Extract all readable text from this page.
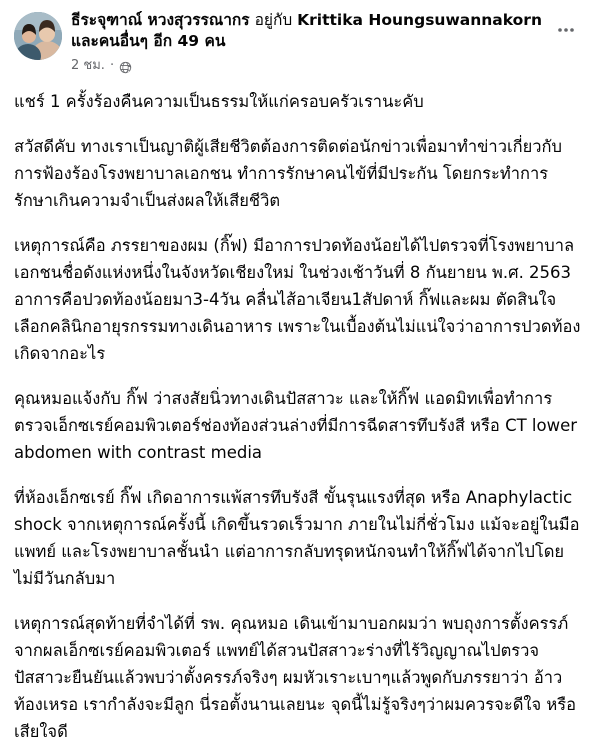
ธีระจุฑาณ์ หวงสุวรรณากร อยู่กับ Krittika Houngsuwannakorn และคนอื่นๆ อีก 49 คน
2 ชม. ·

แชร์ 1 ครั้งร้องคืนความเป็นธรรมให้แก่ครอบครัวเรานะคับ

สวัสดีคับ ทางเราเป็นญาติผู้เสียชีวิตต้องการติดต่อนักข่าวเพื่อมาทำข่าวเกี่ยวกับการฟ้องร้องโรงพยาบาลเอกชน ทำการรักษาคนไข้ที่มีประกัน โดยกระทำการรักษาเกินความจำเป็นส่งผลให้เสียชีวิต

เหตุการณ์คือ ภรรยาของผม (กิ๊ฟ) มีอาการปวดท้องน้อยได้ไปตรวจที่โรงพยาบาลเอกชนชื่อดังแห่งหนึ่งในจังหวัดเชียงใหม่ ในช่วงเช้าวันที่ 8 กันยายน พ.ศ. 2563 อาการคือปวดท้องน้อยมา3-4วัน คลื่นไส้อาเจียน1สัปดาห์ กิ๊ฟและผม ตัดสินใจเลือกคลินิกอายุรกรรมทางเดินอาหาร เพราะในเบื้องต้นไม่แน่ใจว่าอาการปวดท้องเกิดจากอะไร

คุณหมอแจ้งกับ กิ๊ฟ ว่าสงสัยนิ่วทางเดินปัสสาวะ และให้กิ๊ฟ แอดมิทเพื่อทำการตรวจเอ็กซเรย์คอมพิวเตอร์ช่องท้องส่วนล่างที่มีการฉีดสารทึบรังสี หรือ CT lower abdomen with contrast media

ที่ห้องเอ็กซเรย์ กิ๊ฟ เกิดอาการแพ้สารทึบรังสี ขั้นรุนแรงที่สุด หรือ Anaphylactic shock จากเหตุการณ์ครั้งนี้ เกิดขึ้นรวดเร็วมาก ภายในไม่กี่ชั่วโมง แม้จะอยู่ในมือแพทย์ และโรงพยาบาลชั้นนำ แต่อาการกลับทรุดหนักจนทำให้กิ๊ฟได้จากไปโดยไม่มีวันกลับมา

เหตุการณ์สุดท้ายที่จำได้ที่ รพ. คุณหมอ เดินเข้ามาบอกผมว่า พบถุงการตั้งครรภ์จากผลเอ็กซเรย์คอมพิวเตอร์ แพทย์ได้สวนปัสสาวะร่างที่ไร้วิญญาณไปตรวจปัสสาวะยืนยันแล้วพบว่าตั้งครรภ์จริงๆ ผมหัวเราะเบาๆแล้วพูดกับภรรยาว่า อ้าวท้องเหรอ เรากำลังจะมีลูก นี่รอตั้งนานเลยนะ จุดนี้ไม่รู้จริงๆว่าผมควรจะดีใจ หรือเสียใจดี
